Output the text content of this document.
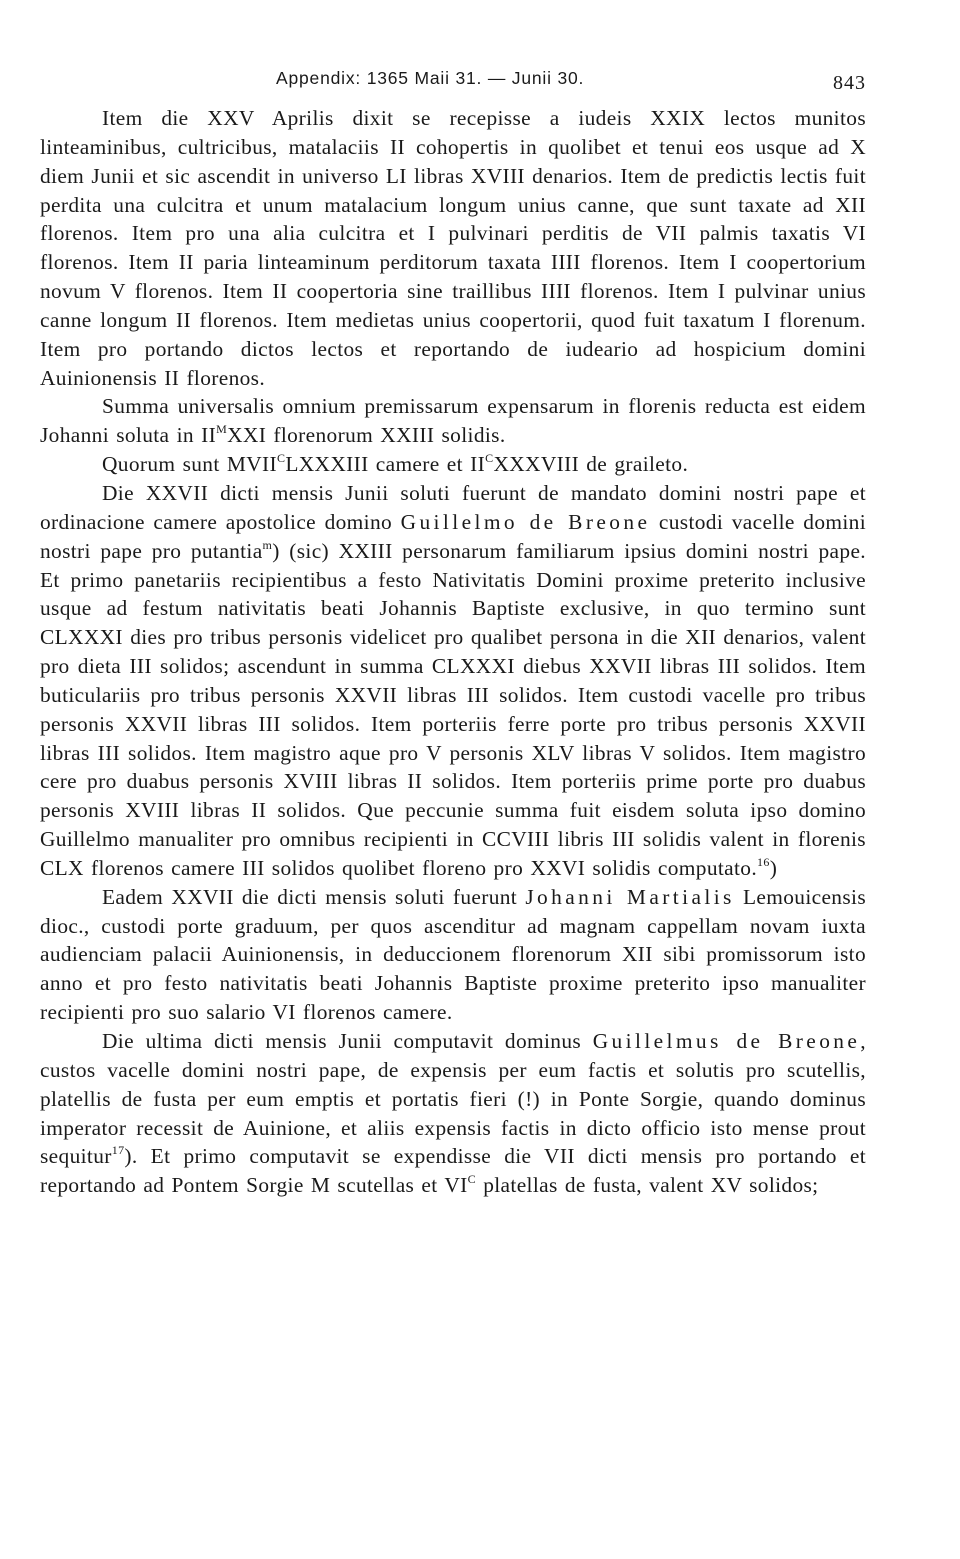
Appendix: 1365 Maii 31. — Junii 30.	843

Item die XXV Aprilis dixit se recepisse a iudeis XXIX lectos munitos linteaminibus, cultricibus, matalaciis II cohopertis in quolibet et tenui eos usque ad X diem Junii et sic ascendit in universo LI libras XVIII denarios. Item de predictis lectis fuit perdita una culcitra et unum matalacium longum unius canne, que sunt taxate ad XII florenos. Item pro una alia culcitra et I pulvinari perditis de VII palmis taxatis VI florenos. Item II paria linteaminum perditorum taxata IIII florenos. Item I coopertorium novum V florenos. Item II coopertoria sine traillibus IIII florenos. Item I pulvinar unius canne longum II florenos. Item medietas unius coopertorii, quod fuit taxatum I florenum. Item pro portando dictos lectos et reportando de iudeario ad hospicium domini Auinionensis II florenos.

Summa universalis omnium premissarum expensarum in florenis reducta est eidem Johanni soluta in $II^MXXI$ florenorum XXIII solidis.

Quorum sunt $MVII^CLXXXIII$ camere et $II^CXXXVIII$ de graileto.

Die XXVII dicti mensis Junii soluti fuerunt de mandato domini nostri pape et ordinacione camere apostolice domino Guillelmo de Breone custodi vacelle domini nostri pape pro putantia$^m$) (sic) XXIII personarum familiarum ipsius domini nostri pape. Et primo panetariis recipientibus a festo Nativitatis Domini proxime preterito inclusive usque ad festum nativitatis beati Johannis Baptiste exclusive, in quo termino sunt CLXXXI dies pro tribus personis videlicet pro qualibet persona in die XII denarios, valent pro dieta III solidos; ascendunt in summa CLXXXI diebus XXVII libras III solidos. Item buticulariis pro tribus personis XXVII libras III solidos. Item custodi vacelle pro tribus personis XXVII libras III solidos. Item porteriis ferre porte pro tribus personis XXVII libras III solidos. Item magistro aque pro V personis XLV libras V solidos. Item magistro cere pro duabus personis XVIII libras II solidos. Item porteriis prime porte pro duabus personis XVIII libras II solidos. Que peccunie summa fuit eisdem soluta ipso domino Guillelmo manualiter pro omnibus recipienti in CCVIII libris III solidis valent in florenis CLX florenos camere III solidos quolibet floreno pro XXVI solidis computato.$^{16}$)

Eadem XXVII die dicti mensis soluti fuerunt Johanni Martialis Lemouicensis dioc., custodi porte graduum, per quos ascenditur ad magnam cappellam novam iuxta audienciam palacii Auinionensis, in deduccionem florenorum XII sibi promissorum isto anno et pro festo nativitatis beati Johannis Baptiste proxime preterito ipso manualiter recipienti pro suo salario VI florenos camere.

Die ultima dicti mensis Junii computavit dominus Guillelmus de Breone, custos vacelle domini nostri pape, de expensis per eum factis et solutis pro scutellis, platellis de fusta per eum emptis et portatis fieri (!) in Ponte Sorgie, quando dominus imperator recessit de Auinione, et aliis expensis factis in dicto officio isto mense prout sequitur$^{17}$). Et primo computavit se expendisse die VII dicti mensis pro portando et reportando ad Pontem Sorgie M scutellas et $VI^C$ platellas de fusta, valent XV solidos;
